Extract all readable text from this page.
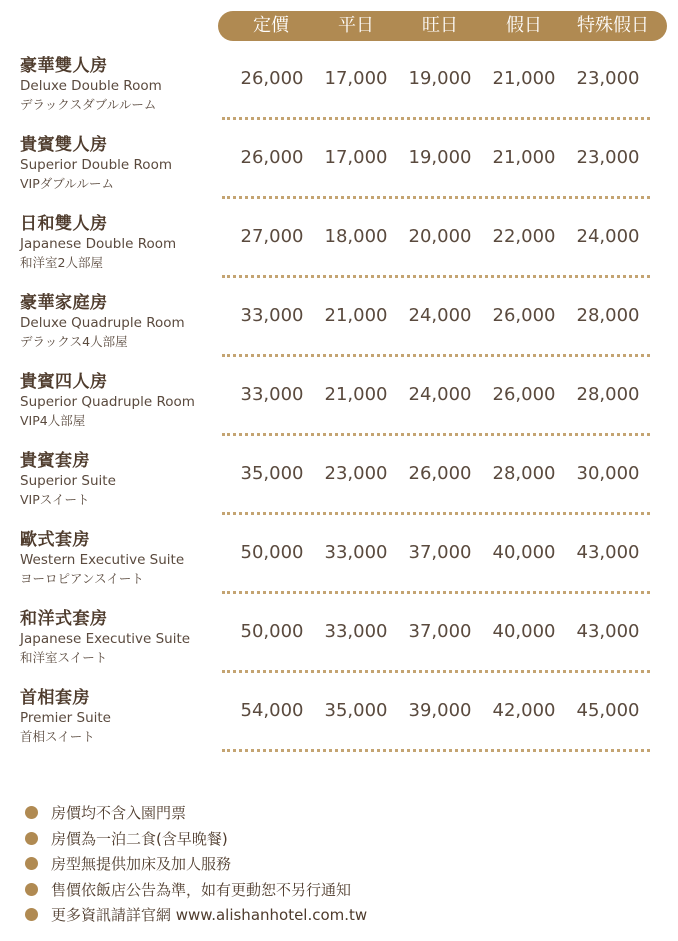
定價	平日	旺日	假日	特殊假日
豪華雙人房
Deluxe Double Room
デラックスダブルルーム
26,000	17,000	19,000	21,000	23,000
貴賓雙人房
Superior Double Room
VIPダブルルーム
26,000	17,000	19,000	21,000	23,000
日和雙人房
Japanese Double Room
和洋室2人部屋
27,000	18,000	20,000	22,000	24,000
豪華家庭房
Deluxe Quadruple Room
デラックス4人部屋
33,000	21,000	24,000	26,000	28,000
貴賓四人房
Superior Quadruple Room
VIP4人部屋
33,000	21,000	24,000	26,000	28,000
貴賓套房
Superior Suite
VIPスイート
35,000	23,000	26,000	28,000	30,000
歐式套房
Western Executive Suite
ヨーロピアンスイート
50,000	33,000	37,000	40,000	43,000
和洋式套房
Japanese Executive Suite
和洋室スイート
50,000	33,000	37,000	40,000	43,000
首相套房
Premier Suite
首相スイート
54,000	35,000	39,000	42,000	45,000
房價均不含入園門票
房價為一泊二食(含早晚餐)
房型無提供加床及加人服務
售價依飯店公告為準，如有更動恕不另行通知
更多資訊請詳官網 www.alishanhotel.com.tw
